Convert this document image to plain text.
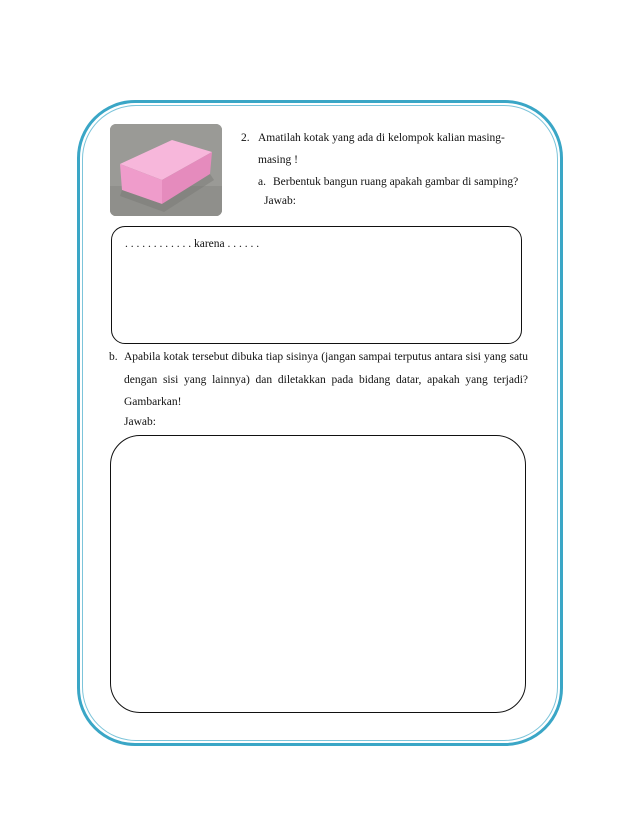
2. Amatilah kotak yang ada di kelompok kalian masing-
masing !
a. Berbentuk bangun ruang apakah gambar di samping?
Jawab:
. . . . . . . . . . . . karena . . . . . .
b. Apabila kotak tersebut dibuka tiap sisinya (jangan sampai terputus antara sisi yang satu
dengan sisi yang lainnya) dan diletakkan pada bidang datar, apakah yang terjadi?
Gambarkan!
Jawab:
